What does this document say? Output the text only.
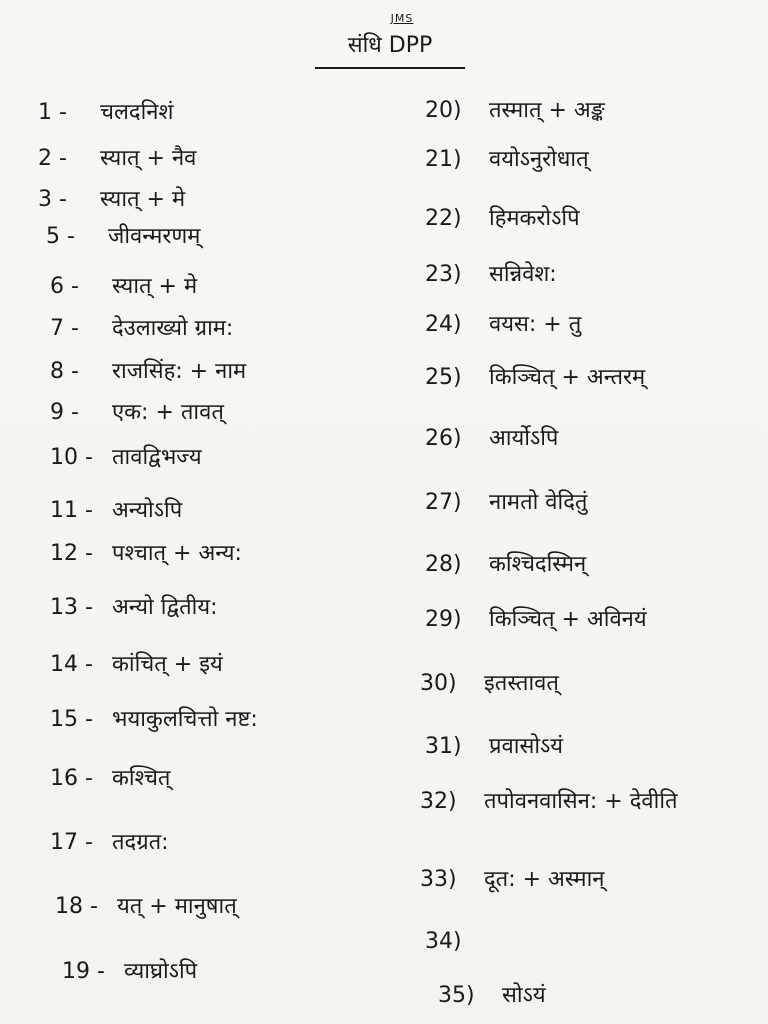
JMS
संधि DPP
1 - चलदनिशं
2 - स्यात् + नैव
3 - स्यात् + मे
5 - जीवन्मरणम्
6 - स्यात् + मे
7 - देउलाख्यो ग्राम:
8 - राजसिंह: + नाम
9 - एक: + तावत्
10 - तावद्विभज्य
11 - अन्योऽपि
12 - पश्चात् + अन्य:
13 - अन्यो द्वितीय:
14 - कांचित् + इयं
15 - भयाकुलचित्तो नष्ट:
16 - कश्चित्
17 - तदग्रत:
18 - यत् + मानुषात्
19 - व्याघ्रोऽपि
20) तस्मात् + अङ्क
21) वयोऽनुरोधात्
22) हिमकरोऽपि
23) सन्निवेश:
24) वयस: + तु
25) किञ्चित् + अन्तरम्
26) आर्योऽपि
27) नामतो वेदितुं
28) कश्चिदस्मिन्
29) किञ्चित् + अविनयं
30) इतस्तावत्
31) प्रवासोऽयं
32) तपोवनवासिन: + देवीति
33) दूत: + अस्मान्
34)
35) सोऽयं
